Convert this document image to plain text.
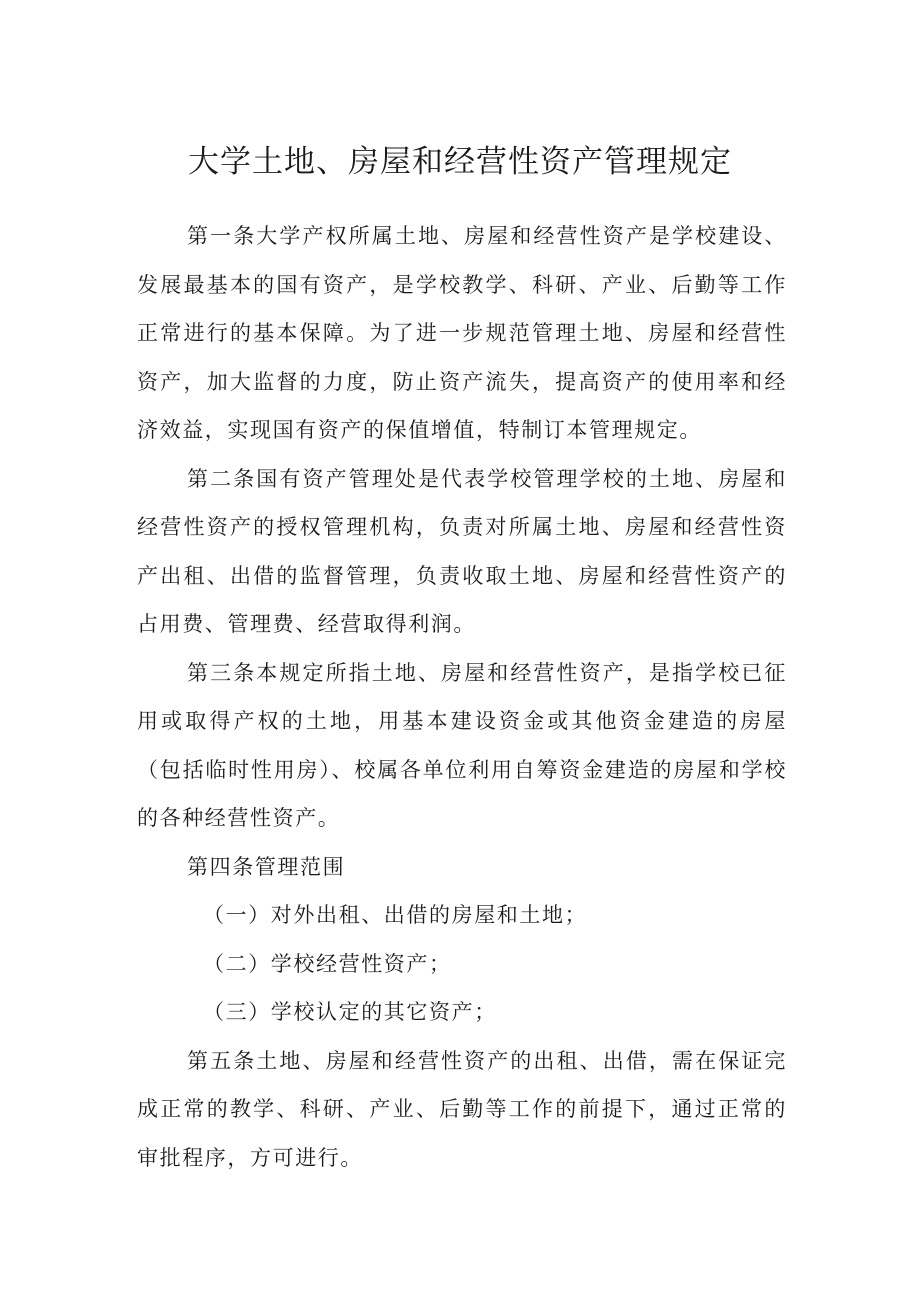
大学土地、房屋和经营性资产管理规定

第一条大学产权所属土地、房屋和经营性资产是学校建设、发展最基本的国有资产，是学校教学、科研、产业、后勤等工作正常进行的基本保障。为了进一步规范管理土地、房屋和经营性资产，加大监督的力度，防止资产流失，提高资产的使用率和经济效益，实现国有资产的保值增值，特制订本管理规定。

第二条国有资产管理处是代表学校管理学校的土地、房屋和经营性资产的授权管理机构，负责对所属土地、房屋和经营性资产出租、出借的监督管理，负责收取土地、房屋和经营性资产的占用费、管理费、经营取得利润。

第三条本规定所指土地、房屋和经营性资产，是指学校已征用或取得产权的土地，用基本建设资金或其他资金建造的房屋（包括临时性用房）、校属各单位利用自筹资金建造的房屋和学校的各种经营性资产。

第四条管理范围

（一）对外出租、出借的房屋和土地；

（二）学校经营性资产；

（三）学校认定的其它资产；

第五条土地、房屋和经营性资产的出租、出借，需在保证完成正常的教学、科研、产业、后勤等工作的前提下，通过正常的审批程序，方可进行。
